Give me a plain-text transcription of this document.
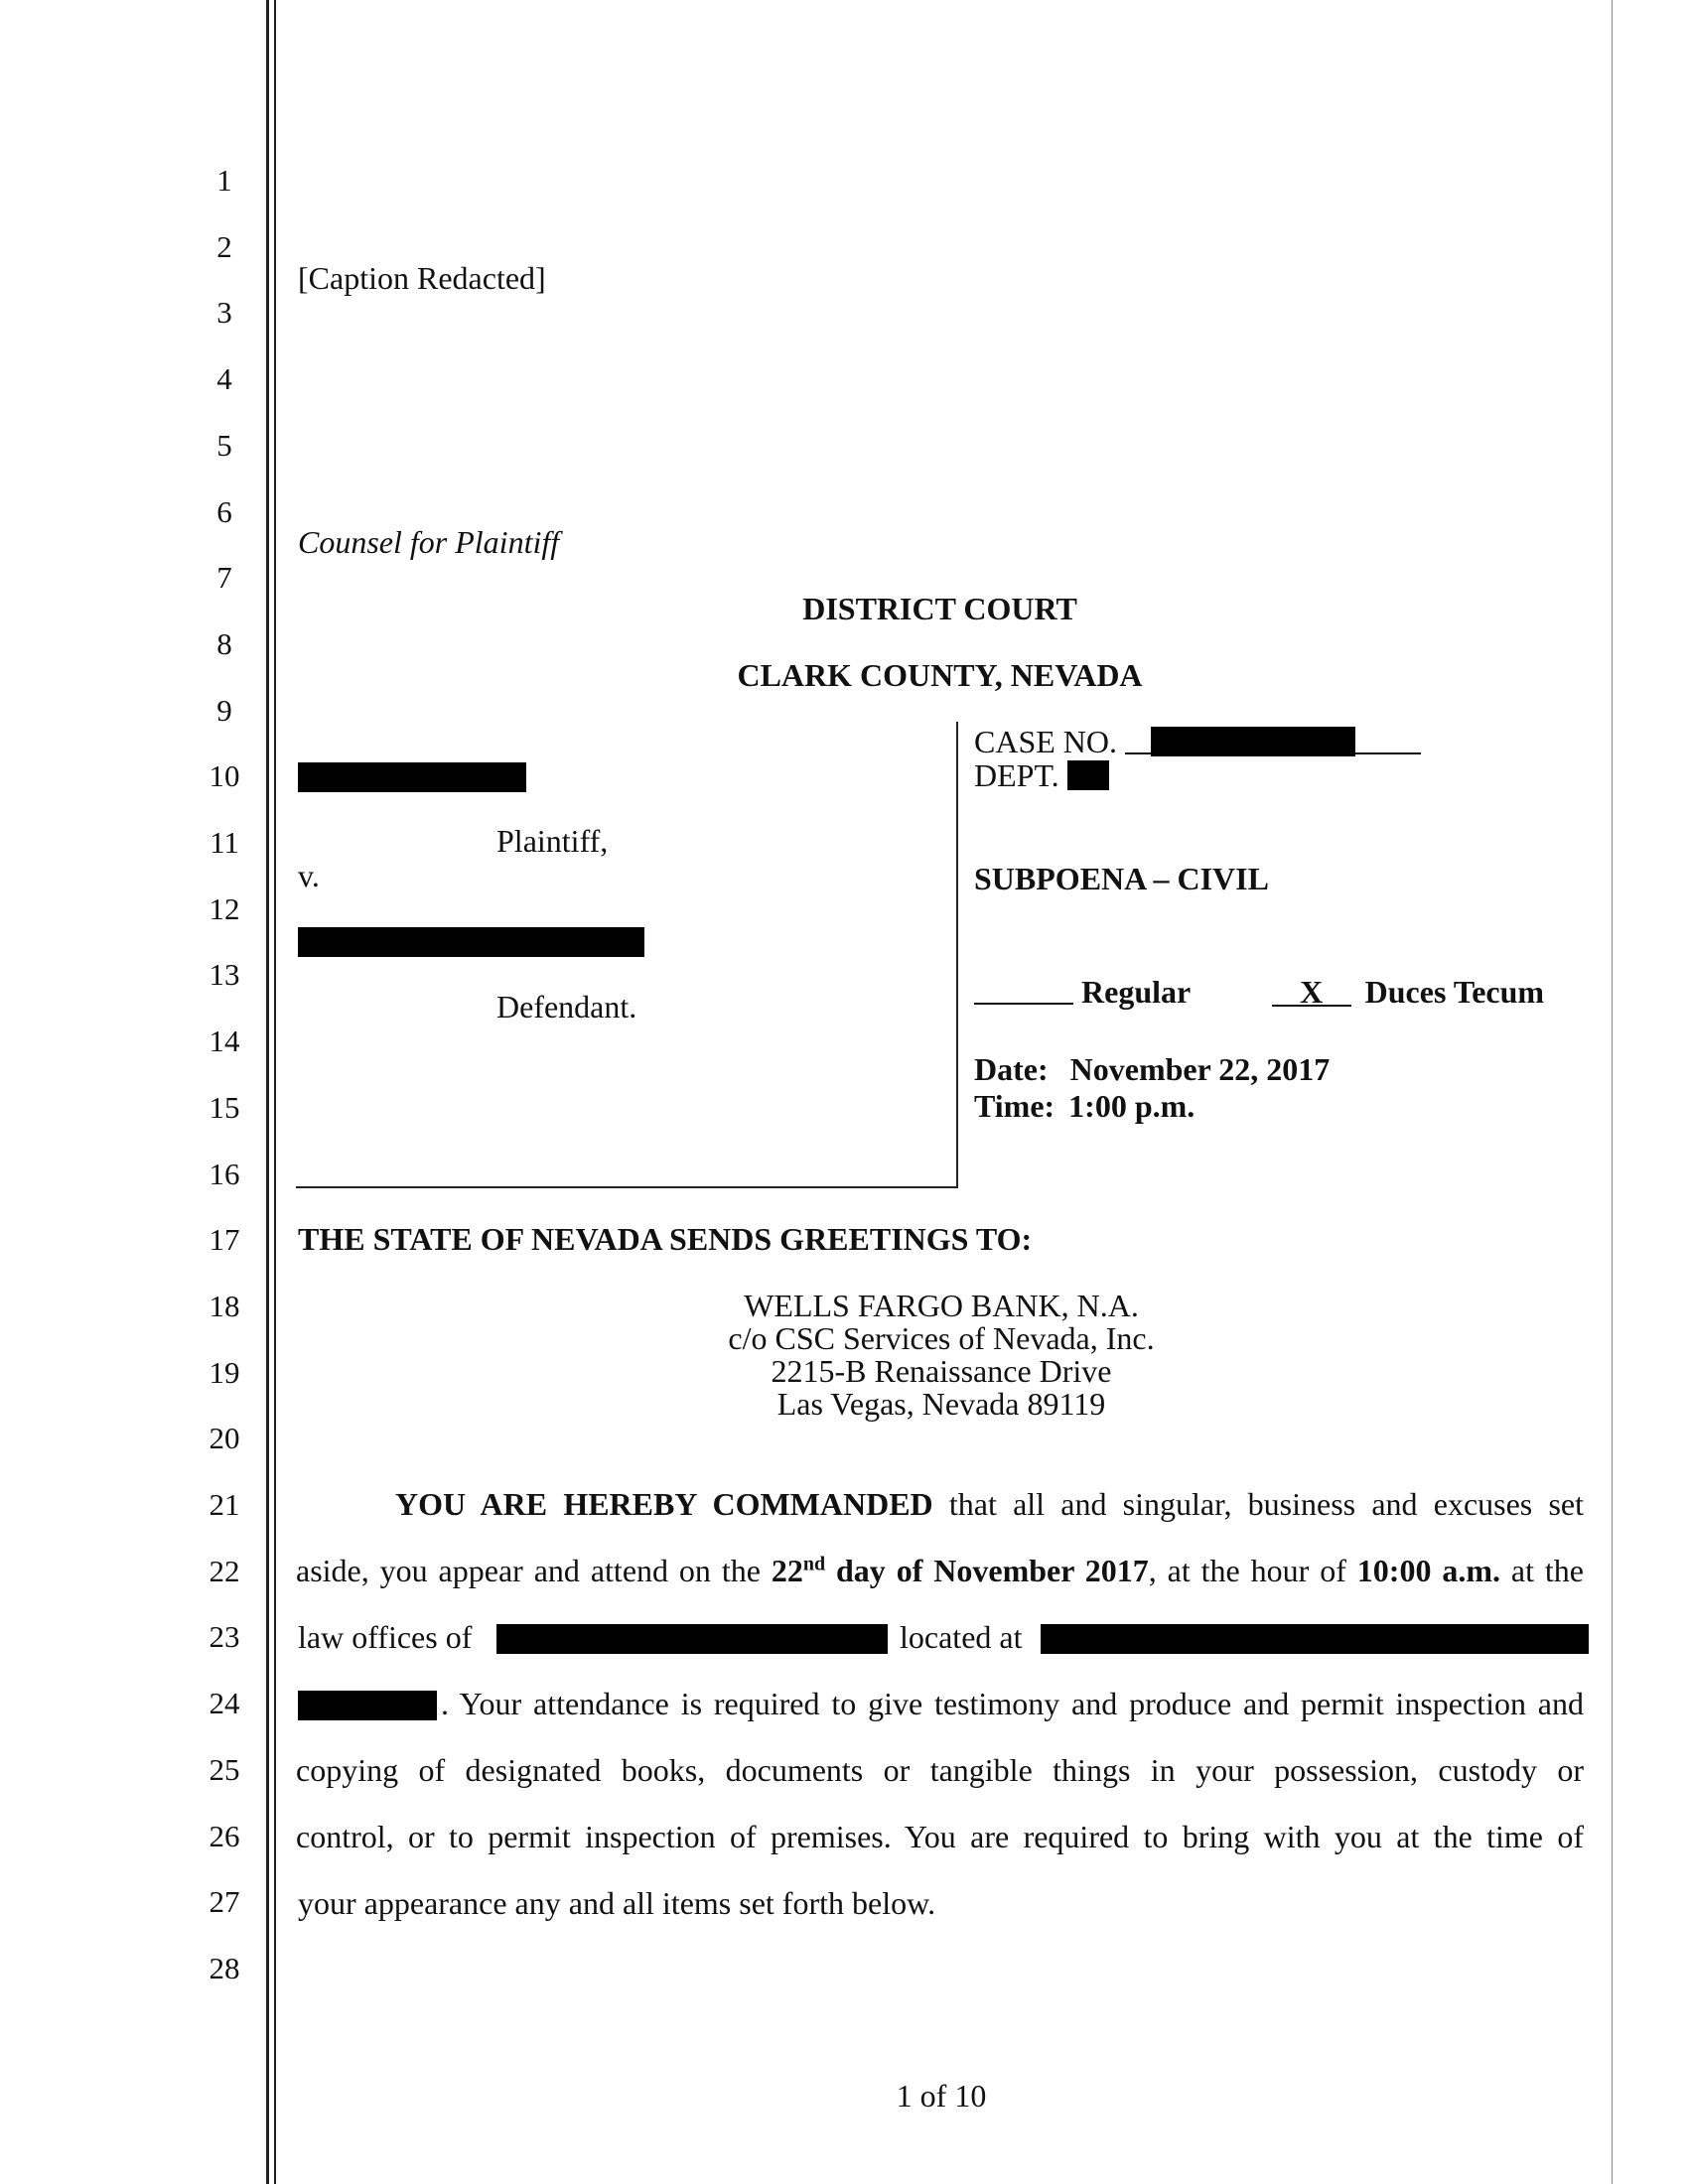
1
2
3
4
5
6
7
8
9
10
11
12
13
14
15
16
17
18
19
20
21
22
23
24
25
26
27
28
[Caption Redacted]
Counsel for Plaintiff
DISTRICT COURT
CLARK COUNTY, NEVADA
Plaintiff,
v.
Defendant.
CASE NO.
DEPT.
SUBPOENA – CIVIL
Regular	X Duces Tecum
Date: November 22, 2017
Time: 1:00 p.m.
THE STATE OF NEVADA SENDS GREETINGS TO:
WELLS FARGO BANK, N.A.
c/o CSC Services of Nevada, Inc.
2215-B Renaissance Drive
Las Vegas, Nevada 89119
YOU ARE HEREBY COMMANDED that all and singular, business and excuses set
aside, you appear and attend on the 22nd day of November 2017, at the hour of 10:00 a.m. at the
law offices of	located at
. Your attendance is required to give testimony and produce and permit inspection and
copying of designated books, documents or tangible things in your possession, custody or
control, or to permit inspection of premises. You are required to bring with you at the time of
your appearance any and all items set forth below.
1 of 10
